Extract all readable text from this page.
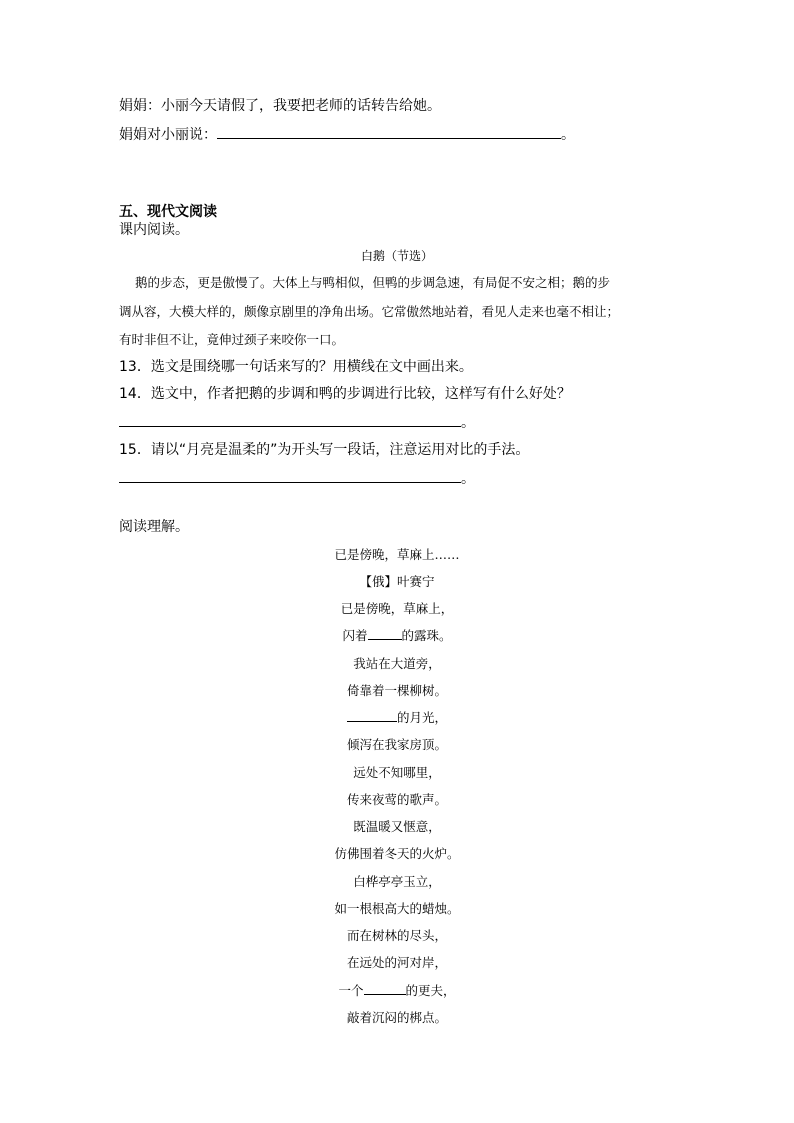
娟娟：小丽今天请假了，我要把老师的话转告给她。
娟娟对小丽说：	。
五、现代文阅读
课内阅读。
白鹅（节选）
鹅的步态，更是傲慢了。大体上与鸭相似，但鸭的步调急速，有局促不安之相；鹅的步
调从容，大模大样的，颇像京剧里的净角出场。它常傲然地站着，看见人走来也毫不相让；
有时非但不让，竟伸过颈子来咬你一口。
13．选文是围绕哪一句话来写的？用横线在文中画出来。
14．选文中，作者把鹅的步调和鸭的步调进行比较，这样写有什么好处？
。
15．请以“月亮是温柔的”为开头写一段话，注意运用对比的手法。
。
阅读理解。
已是傍晚，草麻上……
【俄】叶赛宁
已是傍晚，草麻上，
闪着	的露珠。
我站在大道旁，
倚靠着一棵柳树。
的月光，
倾泻在我家房顶。
远处不知哪里，
传来夜莺的歌声。
既温暖又惬意，
仿佛围着冬天的火炉。
白桦亭亭玉立，
如一根根高大的蜡烛。
而在树林的尽头，
在远处的河对岸，
一个	的更夫，
敲着沉闷的梆点。
